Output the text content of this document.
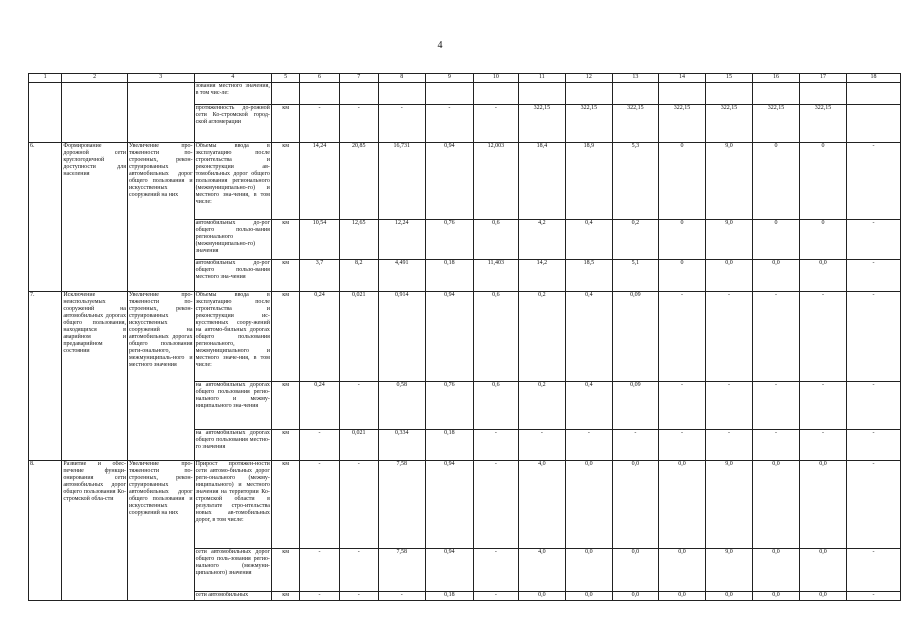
4
1	2	3	4	5	6	7	8	9	10	11	12	13	14	15	16	17	18
			зования местного значения, в том чис-ле:														
			протяженность до-рожной сети Ко-стромской город-ской агломерации	км	-	-	-	-	-	322,15	322,15	322,15	322,15	322,15	322,15	322,15	
6.	Формирование дорожной сети круглогодичной доступности для населения	Увеличение про-тяженности по-строенных, рекон-струированных автомобильных дорог общего пользования и искусственных сооружений на них	Объемы ввода в эксплуатацию после строительства и реконструкции ав-томобильных дорог общего пользования регионального (межмуниципально-го) и местного зна-чения, в том числе:	км	14,24	20,85	16,731	0,94	12,003	18,4	18,9	5,3	0	9,0	0	0	-
			автомобильных до-рог общего пользо-вания регионального (межмуниципально-го) значения	км	10,54	12,65	12,24	0,76	0,6	4,2	0,4	0,2	0	9,0	0	0	-
			автомобильных до-рог общего пользо-вания местного зна-чения	км	3,7	8,2	4,491	0,18	11,403	14,2	18,5	5,1	0	0,0	0,0	0,0	-
7.	Исключение неиспользуемых сооружений на автомобильных дорогах общего пользования, находящихся в аварийном и предаварийном состоянии	Увеличение про-тяженности по-строенных, рекон-струированных искусственных сооружений на автомобильных дорогах общего пользования реги-онального, межмуниципаль-ного и местного значения	Объемы ввода в эксплуатацию после строительства и реконструкции ис-кусственных соору-жений на автомо-бильных дорогах общего пользования регионального, межмуниципального и местного значе-ния, в том числе:	км	0,24	0,021	0,914	0,94	0,6	0,2	0,4	0,09	-	-	-	-	-
			на автомобильных дорогах общего пользования регио-нального и межму-ниципального зна-чения	км	0,24	-	0,58	0,76	0,6	0,2	0,4	0,09	-	-	-	-	-
			на автомобильных дорогах общего пользования местно-го значения	км	-	0,021	0,334	0,18	-	-	-	-	-	-	-	-	-
8.	Развитие и обес-печение функци-онирования сети автомобильных дорог общего пользования Ко-стромской обла-сти	Увеличение про-тяженности по-строенных, рекон-струированных автомобильных дорог общего пользования и искусственных сооружений на них	Прирост протяжен-ности сети автомо-бильных дорог реги-онального (межму-ниципального) и местного значения на территории Ко-стромской области в результате стро-ительства новых ав-томобильных дорог, в том числе:	км	-	-	7,58	0,94	-	4,0	0,0	0,0	0,0	9,0	0,0	0,0	-
			сети автомобильных дорог общего поль-зования регио-нального (межмуни-ципального) значения	км	-	-	7,58	0,94	-	4,0	0,0	0,0	0,0	9,0	0,0	0,0	-
			сети автомобильных	км	-	-	-	0,18	-	0,0	0,0	0,0	0,0	0,0	0,0	0,0	-
